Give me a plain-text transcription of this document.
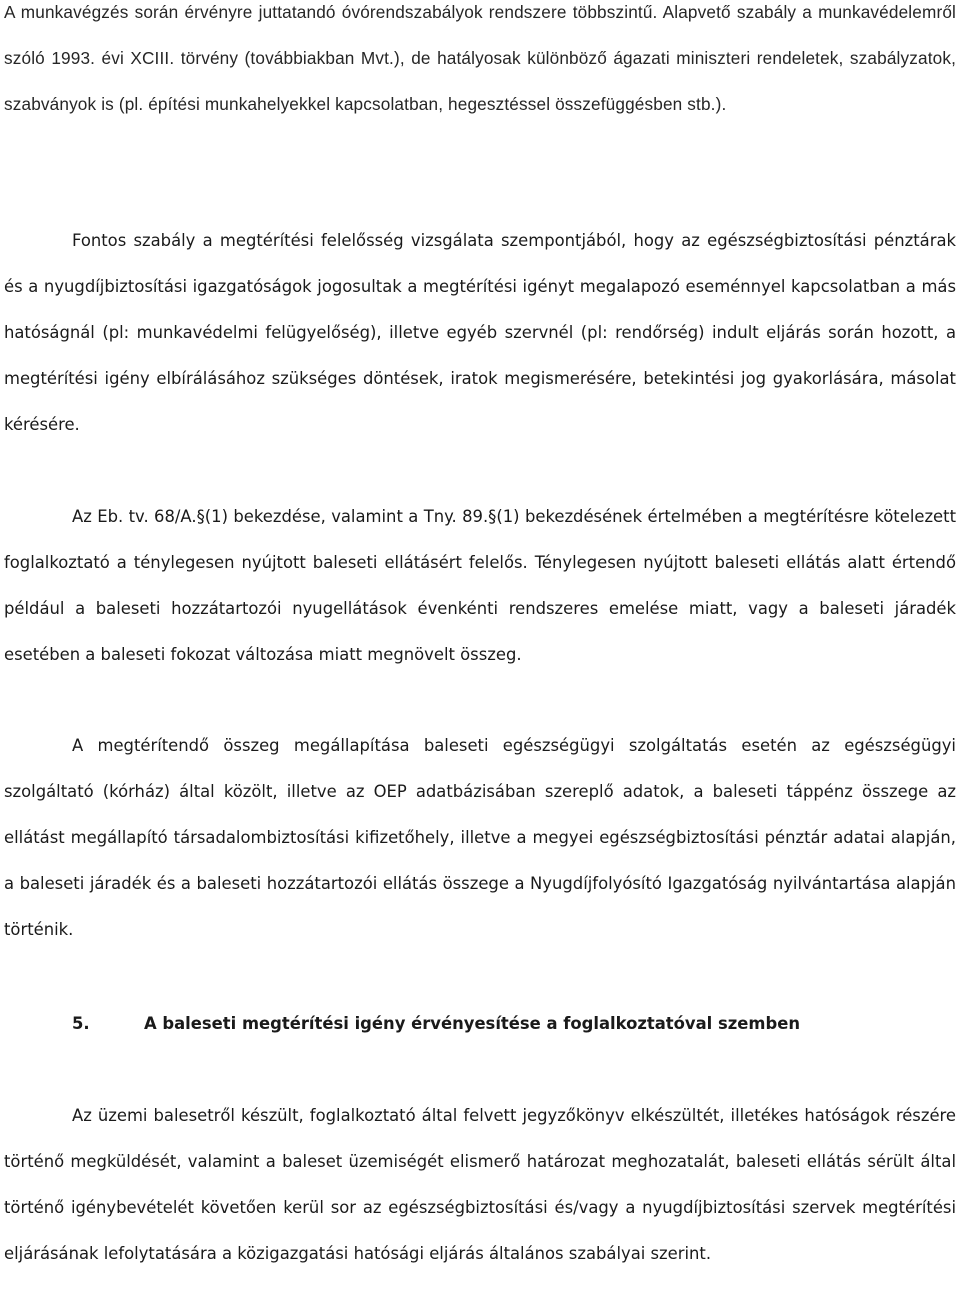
A munkavégzés során érvényre juttatandó óvórendszabályok rendszere többszintű. Alapvető szabály a munkavédelemről szóló 1993. évi XCIII. törvény (továbbiakban Mvt.), de hatályosak különböző ágazati miniszteri rendeletek, szabályzatok, szabványok is (pl. építési munkahelyekkel kapcsolatban, hegesztéssel összefüggésben stb.).

Fontos szabály a megtérítési felelősség vizsgálata szempontjából, hogy az egészségbiztosítási pénztárak és a nyugdíjbiztosítási igazgatóságok jogosultak a megtérítési igényt megalapozó eseménnyel kapcsolatban a más hatóságnál (pl: munkavédelmi felügyelőség), illetve egyéb szervnél (pl: rendőrség) indult eljárás során hozott, a megtérítési igény elbírálásához szükséges döntések, iratok megismerésére, betekintési jog gyakorlására, másolat kérésére.

Az Eb. tv. 68/A.§(1) bekezdése, valamint a Tny. 89.§(1) bekezdésének értelmében a megtérítésre kötelezett foglalkoztató a ténylegesen nyújtott baleseti ellátásért felelős. Ténylegesen nyújtott baleseti ellátás alatt értendő például a baleseti hozzátartozói nyugellátások évenkénti rendszeres emelése miatt, vagy a baleseti járadék esetében a baleseti fokozat változása miatt megnövelt összeg.

A megtérítendő összeg megállapítása baleseti egészségügyi szolgáltatás esetén az egészségügyi szolgáltató (kórház) által közölt, illetve az OEP adatbázisában szereplő adatok, a baleseti táppénz összege az ellátást megállapító társadalombiztosítási kifizetőhely, illetve a megyei egészségbiztosítási pénztár adatai alapján, a baleseti járadék és a baleseti hozzátartozói ellátás összege a Nyugdíjfolyósító Igazgatóság nyilvántartása alapján történik.

5.	A baleseti megtérítési igény érvényesítése a foglalkoztatóval szemben

Az üzemi balesetről készült, foglalkoztató által felvett jegyzőkönyv elkészültét, illetékes hatóságok részére történő megküldését, valamint a baleset üzemiségét elismerő határozat meghozatalát, baleseti ellátás sérült által történő igénybevételét követően kerül sor az egészségbiztosítási és/vagy a nyugdíjbiztosítási szervek megtérítési eljárásának lefolytatására a közigazgatási hatósági eljárás általános szabályai szerint.
